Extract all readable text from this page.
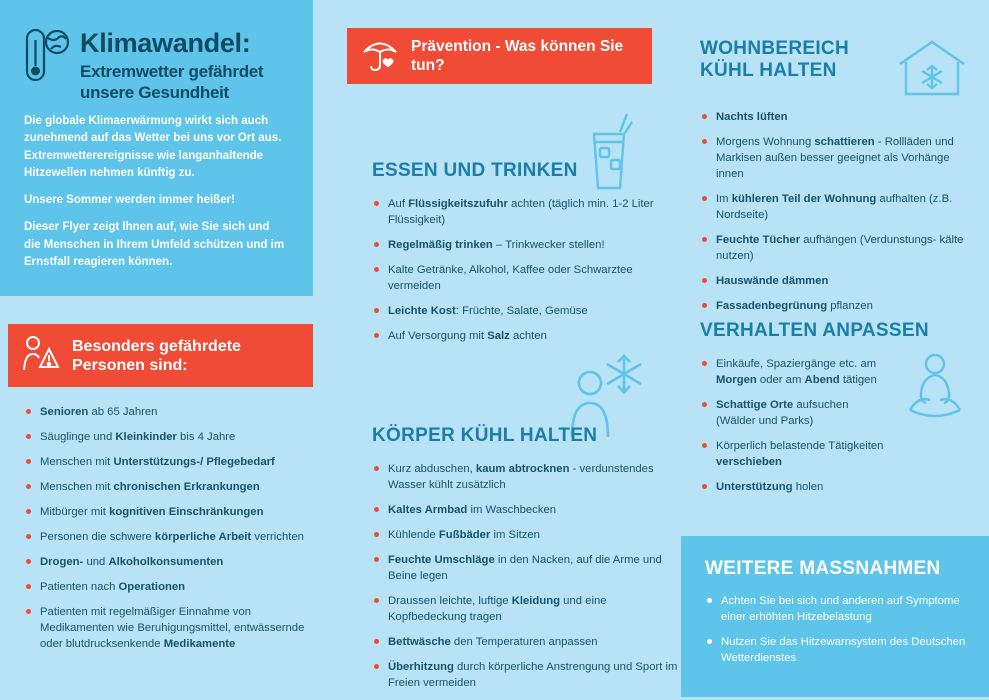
Klimawandel:
Extremwetter gefährdet unsere Gesundheit

Die globale Klimaerwärmung wirkt sich auch zunehmend auf das Wetter bei uns vor Ort aus. Extremwetterereignisse wie langanhaltende Hitzewellen nehmen künftig zu.

Unsere Sommer werden immer heißer!

Dieser Flyer zeigt Ihnen auf, wie Sie sich und die Menschen in Ihrem Umfeld schützen und im Ernstfall reagieren können.

Besonders gefährdete Personen sind:
Senioren ab 65 Jahren
Säuglinge und Kleinkinder bis 4 Jahre
Menschen mit Unterstützungs-/ Pflegebedarf
Menschen mit chronischen Erkrankungen
Mitbürger mit kognitiven Einschränkungen
Personen die schwere körperliche Arbeit verrichten
Drogen- und Alkoholkonsumenten
Patienten nach Operationen
Patienten mit regelmäßiger Einnahme von Medikamenten wie Beruhigungsmittel, entwässernde oder blutdrucksenkende Medikamente
Prävention - Was können Sie tun?
ESSEN UND TRINKEN
Auf Flüssigkeitszufuhr achten (täglich min. 1-2 Liter Flüssigkeit)
Regelmäßig trinken – Trinkwecker stellen!
Kalte Getränke, Alkohol, Kaffee oder Schwarztee vermeiden
Leichte Kost: Früchte, Salate, Gemüse
Auf Versorgung mit Salz achten
KÖRPER KÜHL HALTEN
Kurz abduschen, kaum abtrocknen - verdunstendes Wasser kühlt zusätzlich
Kaltes Armbad im Waschbecken
Kühlende Fußbäder im Sitzen
Feuchte Umschläge in den Nacken, auf die Arme und Beine legen
Draussen leichte, luftige Kleidung und eine Kopfbedeckung tragen
Bettwäsche den Temperaturen anpassen
Überhitzung durch körperliche Anstrengung und Sport im Freien vermeiden
WOHNBEREICH KÜHL HALTEN
Nachts lüften
Morgens Wohnung schattieren - Rollläden und Markisen außen besser geeignet als Vorhänge innen
Im kühleren Teil der Wohnung aufhalten (z.B. Nordseite)
Feuchte Tücher aufhängen (Verdunstungs- kälte nutzen)
Hauswände dämmen
Fassadenbegrünung pflanzen
VERHALTEN ANPASSEN
Einkäufe, Spaziergänge etc. am Morgen oder am Abend tätigen
Schattige Orte aufsuchen (Wälder und Parks)
Körperlich belastende Tätigkeiten verschieben
Unterstützung holen
WEITERE MASSNAHMEN
Achten Sie bei sich und anderen auf Symptome einer erhöhten Hitzebelastung
Nutzen Sie das Hitzewarnsystem des Deutschen Wetterdienstes
